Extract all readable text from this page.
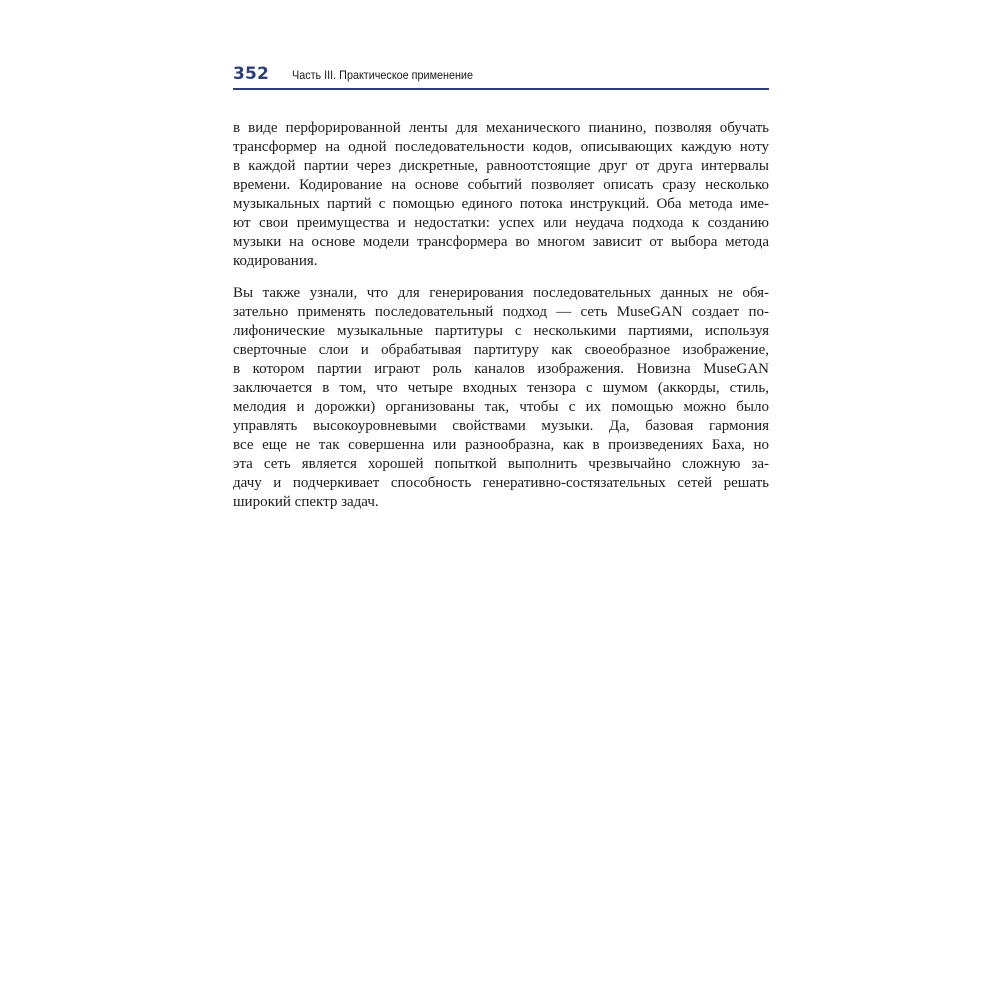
352 Часть III. Практическое применение
в виде перфорированной ленты для механического пианино, позволяя обучать
трансформер на одной последовательности кодов, описывающих каждую ноту
в каждой партии через дискретные, равноотстоящие друг от друга интервалы
времени. Кодирование на основе событий позволяет описать сразу несколько
музыкальных партий с помощью единого потока инструкций. Оба метода име-
ют свои преимущества и недостатки: успех или неудача подхода к созданию
музыки на основе модели трансформера во многом зависит от выбора метода
кодирования.
Вы также узнали, что для генерирования последовательных данных не обя-
зательно применять последовательный подход — сеть MuseGAN создает по-
лифонические музыкальные партитуры с несколькими партиями, используя
сверточные слои и обрабатывая партитуру как своеобразное изображение,
в котором партии играют роль каналов изображения. Новизна MuseGAN
заключается в том, что четыре входных тензора с шумом (аккорды, стиль,
мелодия и дорожки) организованы так, чтобы с их помощью можно было
управлять высокоуровневыми свойствами музыки. Да, базовая гармония
все еще не так совершенна или разнообразна, как в произведениях Баха, но
эта сеть является хорошей попыткой выполнить чрезвычайно сложную за-
дачу и подчеркивает способность генеративно-состязательных сетей решать
широкий спектр задач.
